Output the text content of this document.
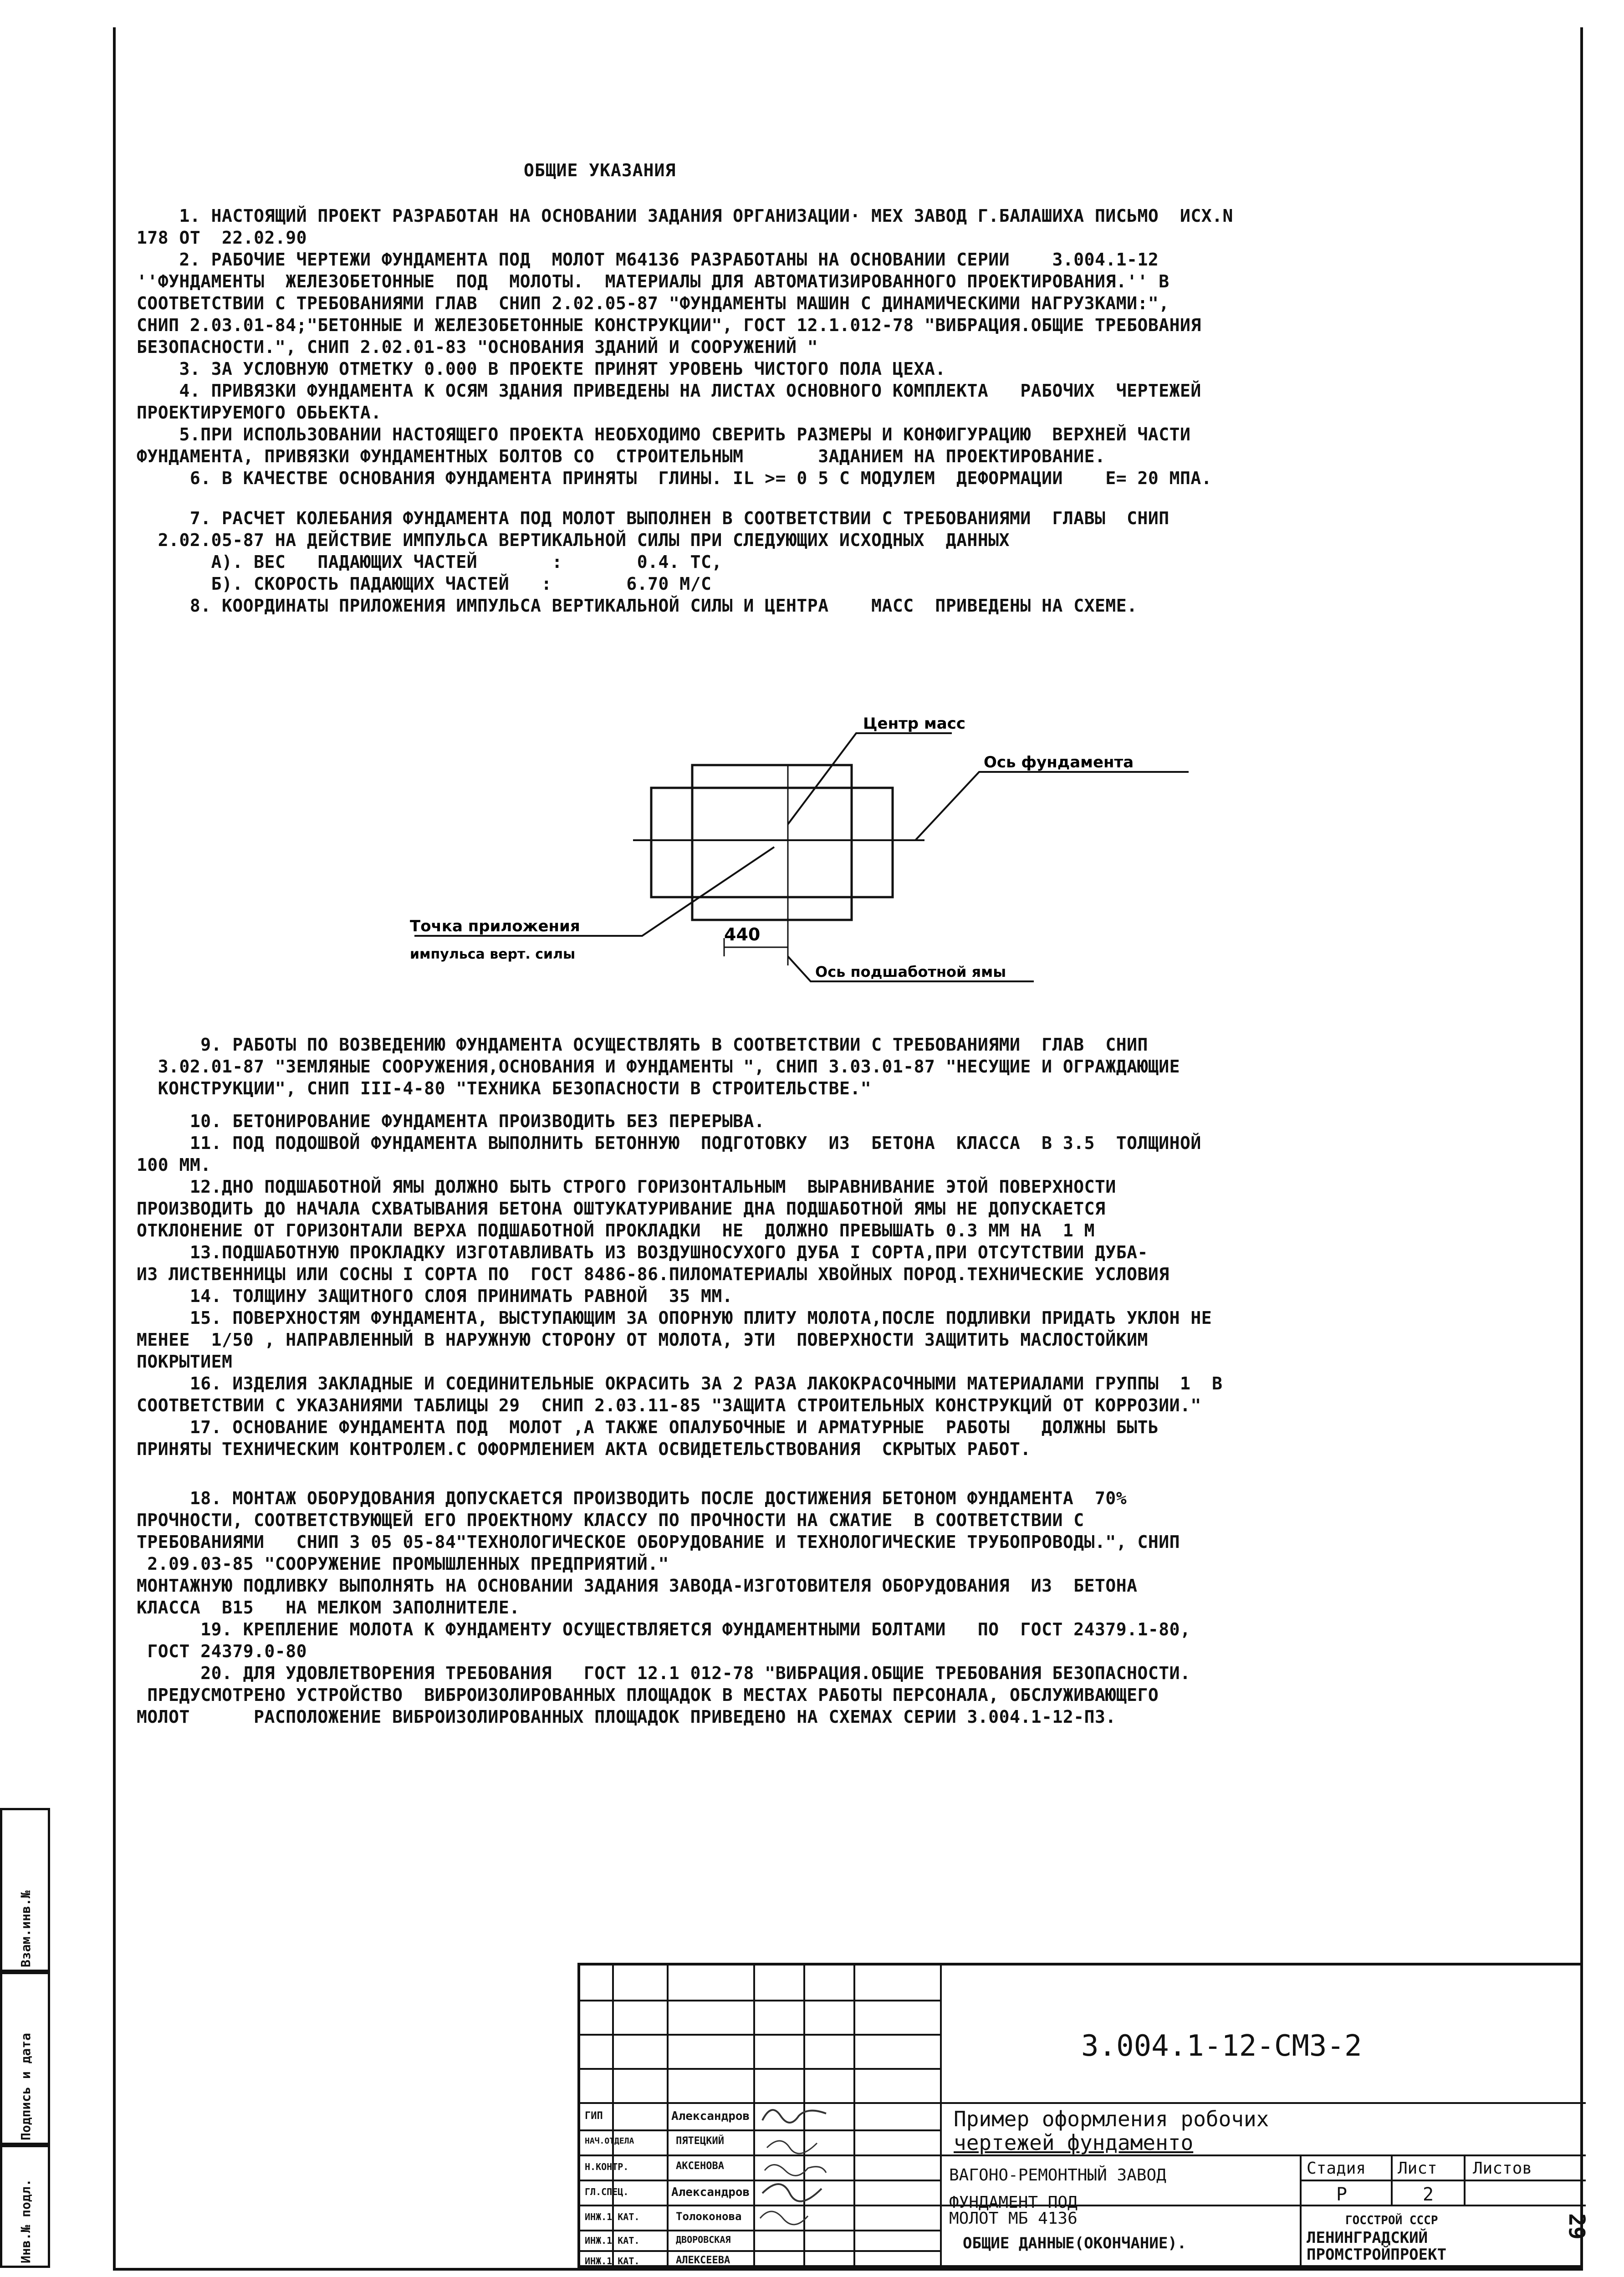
ОБЩИЕ УКАЗАНИЯ

1. НАСТОЯЩИЙ ПРОЕКТ РАЗРАБОТАН НА ОСНОВАНИИ ЗАДАНИЯ ОРГАНИЗАЦИИ· МЕХ ЗАВОД Г.БАЛАШИХА ПИСЬМО  ИСХ.N
178 ОТ  22.02.90

2. РАБОЧИЕ ЧЕРТЕЖИ ФУНДАМЕНТА ПОД  МОЛОТ М64136 РАЗРАБОТАНЫ НА ОСНОВАНИИ СЕРИИ    3.004.1-12
''ФУНДАМЕНТЫ  ЖЕЛЕЗОБЕТОННЫЕ  ПОД  МОЛОТЫ.  МАТЕРИАЛЫ ДЛЯ АВТОМАТИЗИРОВАННОГО ПРОЕКТИРОВАНИЯ.'' В
СООТВЕТСТВИИ С ТРЕБОВАНИЯМИ ГЛАВ  СНИП 2.02.05-87 "ФУНДАМЕНТЫ МАШИН С ДИНАМИЧЕСКИМИ НАГРУЗКАМИ:",
СНИП 2.03.01-84;"БЕТОННЫЕ И ЖЕЛЕЗОБЕТОННЫЕ КОНСТРУКЦИИ", ГОСТ 12.1.012-78 "ВИБРАЦИЯ.ОБЩИЕ ТРЕБОВАНИЯ
БЕЗОПАСНОСТИ.", СНИП 2.02.01-83 "ОСНОВАНИЯ ЗДАНИЙ И СООРУЖЕНИЙ "

3. ЗА УСЛОВНУЮ ОТМЕТКУ 0.000 В ПРОЕКТЕ ПРИНЯТ УРОВЕНЬ ЧИСТОГО ПОЛА ЦЕХА.

4. ПРИВЯЗКИ ФУНДАМЕНТА К ОСЯМ ЗДАНИЯ ПРИВЕДЕНЫ НА ЛИСТАХ ОСНОВНОГО КОМПЛЕКТА   РАБОЧИХ  ЧЕРТЕЖЕЙ
ПРОЕКТИРУЕМОГО ОБЬЕКТА.

5.ПРИ ИСПОЛЬЗОВАНИИ НАСТОЯЩЕГО ПРОЕКТА НЕОБХОДИМО СВЕРИТЬ РАЗМЕРЫ И КОНФИГУРАЦИЮ  ВЕРХНЕЙ ЧАСТИ
ФУНДАМЕНТА, ПРИВЯЗКИ ФУНДАМЕНТНЫХ БОЛТОВ СО  СТРОИТЕЛЬНЫМ       ЗАДАНИЕМ НА ПРОЕКТИРОВАНИЕ.

6. В КАЧЕСТВЕ ОСНОВАНИЯ ФУНДАМЕНТА ПРИНЯТЫ  ГЛИНЫ. IL >= 0 5 С МОДУЛЕМ  ДЕФОРМАЦИИ    E= 20 МПА.

7. РАСЧЕТ КОЛЕБАНИЯ ФУНДАМЕНТА ПОД МОЛОТ ВЫПОЛНЕН В СООТВЕТСТВИИ С ТРЕБОВАНИЯМИ  ГЛАВЫ  СНИП
2.02.05-87 НА ДЕЙСТВИЕ ИМПУЛЬСА ВЕРТИКАЛЬНОЙ СИЛЫ ПРИ СЛЕДУЮЩИХ ИСХОДНЫХ  ДАННЫХ
А). ВЕС   ПАДАЮЩИХ ЧАСТЕЙ       :       0.4. ТС,
Б). СКОРОСТЬ ПАДАЮЩИХ ЧАСТЕЙ   :       6.70 М/С

8. КООРДИНАТЫ ПРИЛОЖЕНИЯ ИМПУЛЬСА ВЕРТИКАЛЬНОЙ СИЛЫ И ЦЕНТРА    МАСС  ПРИВЕДЕНЫ НА СХЕМЕ.

Центр масс
Ось фундамента
Точка приложения
импульса верт. силы
440
Ось подшаботной ямы

9. РАБОТЫ ПО ВОЗВЕДЕНИЮ ФУНДАМЕНТА ОСУЩЕСТВЛЯТЬ В СООТВЕТСТВИИ С ТРЕБОВАНИЯМИ  ГЛАВ  СНИП
3.02.01-87 "ЗЕМЛЯНЫЕ СООРУЖЕНИЯ,ОСНОВАНИЯ И ФУНДАМЕНТЫ ", СНИП 3.03.01-87 "НЕСУЩИЕ И ОГРАЖДАЮЩИЕ
КОНСТРУКЦИИ", СНИП III-4-80 "ТЕХНИКА БЕЗОПАСНОСТИ В СТРОИТЕЛЬСТВЕ."

10. БЕТОНИРОВАНИЕ ФУНДАМЕНТА ПРОИЗВОДИТЬ БЕЗ ПЕРЕРЫВА.
11. ПОД ПОДОШВОЙ ФУНДАМЕНТА ВЫПОЛНИТЬ БЕТОННУЮ  ПОДГОТОВКУ  ИЗ  БЕТОНА  КЛАССА  В 3.5  ТОЛЩИНОЙ
100 ММ.
12.ДНО ПОДШАБОТНОЙ ЯМЫ ДОЛЖНО БЫТЬ СТРОГО ГОРИЗОНТАЛЬНЫМ  ВЫРАВНИВАНИЕ ЭТОЙ ПОВЕРХНОСТИ
ПРОИЗВОДИТЬ ДО НАЧАЛА СХВАТЫВАНИЯ БЕТОНА ОШТУКАТУРИВАНИЕ ДНА ПОДШАБОТНОЙ ЯМЫ НЕ ДОПУСКАЕТСЯ
ОТКЛОНЕНИЕ ОТ ГОРИЗОНТАЛИ ВЕРХА ПОДШАБОТНОЙ ПРОКЛАДКИ  НЕ  ДОЛЖНО ПРЕВЫШАТЬ 0.3 ММ НА  1 М
13.ПОДШАБОТНУЮ ПРОКЛАДКУ ИЗГОТАВЛИВАТЬ ИЗ ВОЗДУШНОСУХОГО ДУБА I СОРТА,ПРИ ОТСУТСТВИИ ДУБА-
ИЗ ЛИСТВЕННИЦЫ ИЛИ СОСНЫ I СОРТА ПО  ГОСТ 8486-86.ПИЛОМАТЕРИАЛЫ ХВОЙНЫХ ПОРОД.ТЕХНИЧЕСКИЕ УСЛОВИЯ
14. ТОЛЩИНУ ЗАЩИТНОГО СЛОЯ ПРИНИМАТЬ РАВНОЙ  35 ММ.
15. ПОВЕРХНОСТЯМ ФУНДАМЕНТА, ВЫСТУПАЮЩИМ ЗА ОПОРНУЮ ПЛИТУ МОЛОТА,ПОСЛЕ ПОДЛИВКИ ПРИДАТЬ УКЛОН НЕ
МЕНЕЕ  1/50 , НАПРАВЛЕННЫЙ В НАРУЖНУЮ СТОРОНУ ОТ МОЛОТА, ЭТИ  ПОВЕРХНОСТИ ЗАЩИТИТЬ МАСЛОСТОЙКИМ
ПОКРЫТИЕМ
16. ИЗДЕЛИЯ ЗАКЛАДНЫЕ И СОЕДИНИТЕЛЬНЫЕ ОКРАСИТЬ ЗА 2 РАЗА ЛАКОКРАСОЧНЫМИ МАТЕРИАЛАМИ ГРУППЫ  1  В
СООТВЕТСТВИИ С УКАЗАНИЯМИ ТАБЛИЦЫ 29  СНИП 2.03.11-85 "ЗАЩИТА СТРОИТЕЛЬНЫХ КОНСТРУКЦИЙ ОТ КОРРОЗИИ."
17. ОСНОВАНИЕ ФУНДАМЕНТА ПОД  МОЛОТ ,А ТАКЖЕ ОПАЛУБОЧНЫЕ И АРМАТУРНЫЕ  РАБОТЫ   ДОЛЖНЫ БЫТЬ
ПРИНЯТЫ ТЕХНИЧЕСКИМ КОНТРОЛЕМ.С ОФОРМЛЕНИЕМ АКТА ОСВИДЕТЕЛЬСТВОВАНИЯ  СКРЫТЫХ РАБОТ.

18. МОНТАЖ ОБОРУДОВАНИЯ ДОПУСКАЕТСЯ ПРОИЗВОДИТЬ ПОСЛЕ ДОСТИЖЕНИЯ БЕТОНОМ ФУНДАМЕНТА  70%
ПРОЧНОСТИ, СООТВЕТСТВУЮЩЕЙ ЕГО ПРОЕКТНОМУ КЛАССУ ПО ПРОЧНОСТИ НА СЖАТИЕ  В СООТВЕТСТВИИ С
ТРЕБОВАНИЯМИ   СНИП 3 05 05-84"ТЕХНОЛОГИЧЕСКОЕ ОБОРУДОВАНИЕ И ТЕХНОЛОГИЧЕСКИЕ ТРУБОПРОВОДЫ.", СНИП
2.09.03-85 "СООРУЖЕНИЕ ПРОМЫШЛЕННЫХ ПРЕДПРИЯТИЙ."
МОНТАЖНУЮ ПОДЛИВКУ ВЫПОЛНЯТЬ НА ОСНОВАНИИ ЗАДАНИЯ ЗАВОДА-ИЗГОТОВИТЕЛЯ ОБОРУДОВАНИЯ  ИЗ  БЕТОНА
КЛАССА  В15   НА МЕЛКОМ ЗАПОЛНИТЕЛЕ.
19. КРЕПЛЕНИЕ МОЛОТА К ФУНДАМЕНТУ ОСУЩЕСТВЛЯЕТСЯ ФУНДАМЕНТНЫМИ БОЛТАМИ   ПО  ГОСТ 24379.1-80,
ГОСТ 24379.0-80
20. ДЛЯ УДОВЛЕТВОРЕНИЯ ТРЕБОВАНИЯ   ГОСТ 12.1 012-78 "ВИБРАЦИЯ.ОБЩИЕ ТРЕБОВАНИЯ БЕЗОПАСНОСТИ.
ПРЕДУСМОТРЕНО УСТРОЙСТВО  ВИБРОИЗОЛИРОВАННЫХ ПЛОЩАДОК В МЕСТАХ РАБОТЫ ПЕРСОНАЛА, ОБСЛУЖИВАЮЩЕГО
МОЛОТ      РАСПОЛОЖЕНИЕ ВИБРОИЗОЛИРОВАННЫХ ПЛОЩАДОК ПРИВЕДЕНО НА СХЕМАХ СЕРИИ 3.004.1-12-ПЗ.

Взам.инв.№
Подпись и дата
Инв.№ подл.
3.004.1-12-СМ3-2
Пример оформления робочих
чертежей фундаменто
ВАГОНО-РЕМОНТНЫЙ ЗАВОД
ФУНДАМЕНТ ПОД
МОЛОТ МБ 4136
ОБЩИЕ ДАННЫЕ(ОКОНЧАНИЕ).
Стадия Лист Листов
Р	2
ГОССТРОЙ СССР
ЛЕНИНГРАДСКИЙ
ПРОМСТРОЙПРОЕКТ
ГИП	Александров
НАЧ.ОТДЕЛА	ПЯТЕЦКИЙ
Н.КОНТР.	АКСЕНОВА
ГЛ.СПЕЦ.	Александров
ИНЖ.1 КАТ.	Толоконова
ИНЖ.1 КАТ.	ДВОРОВСКАЯ
ИНЖ.1 КАТ.	АЛЕКСЕЕВА
29
